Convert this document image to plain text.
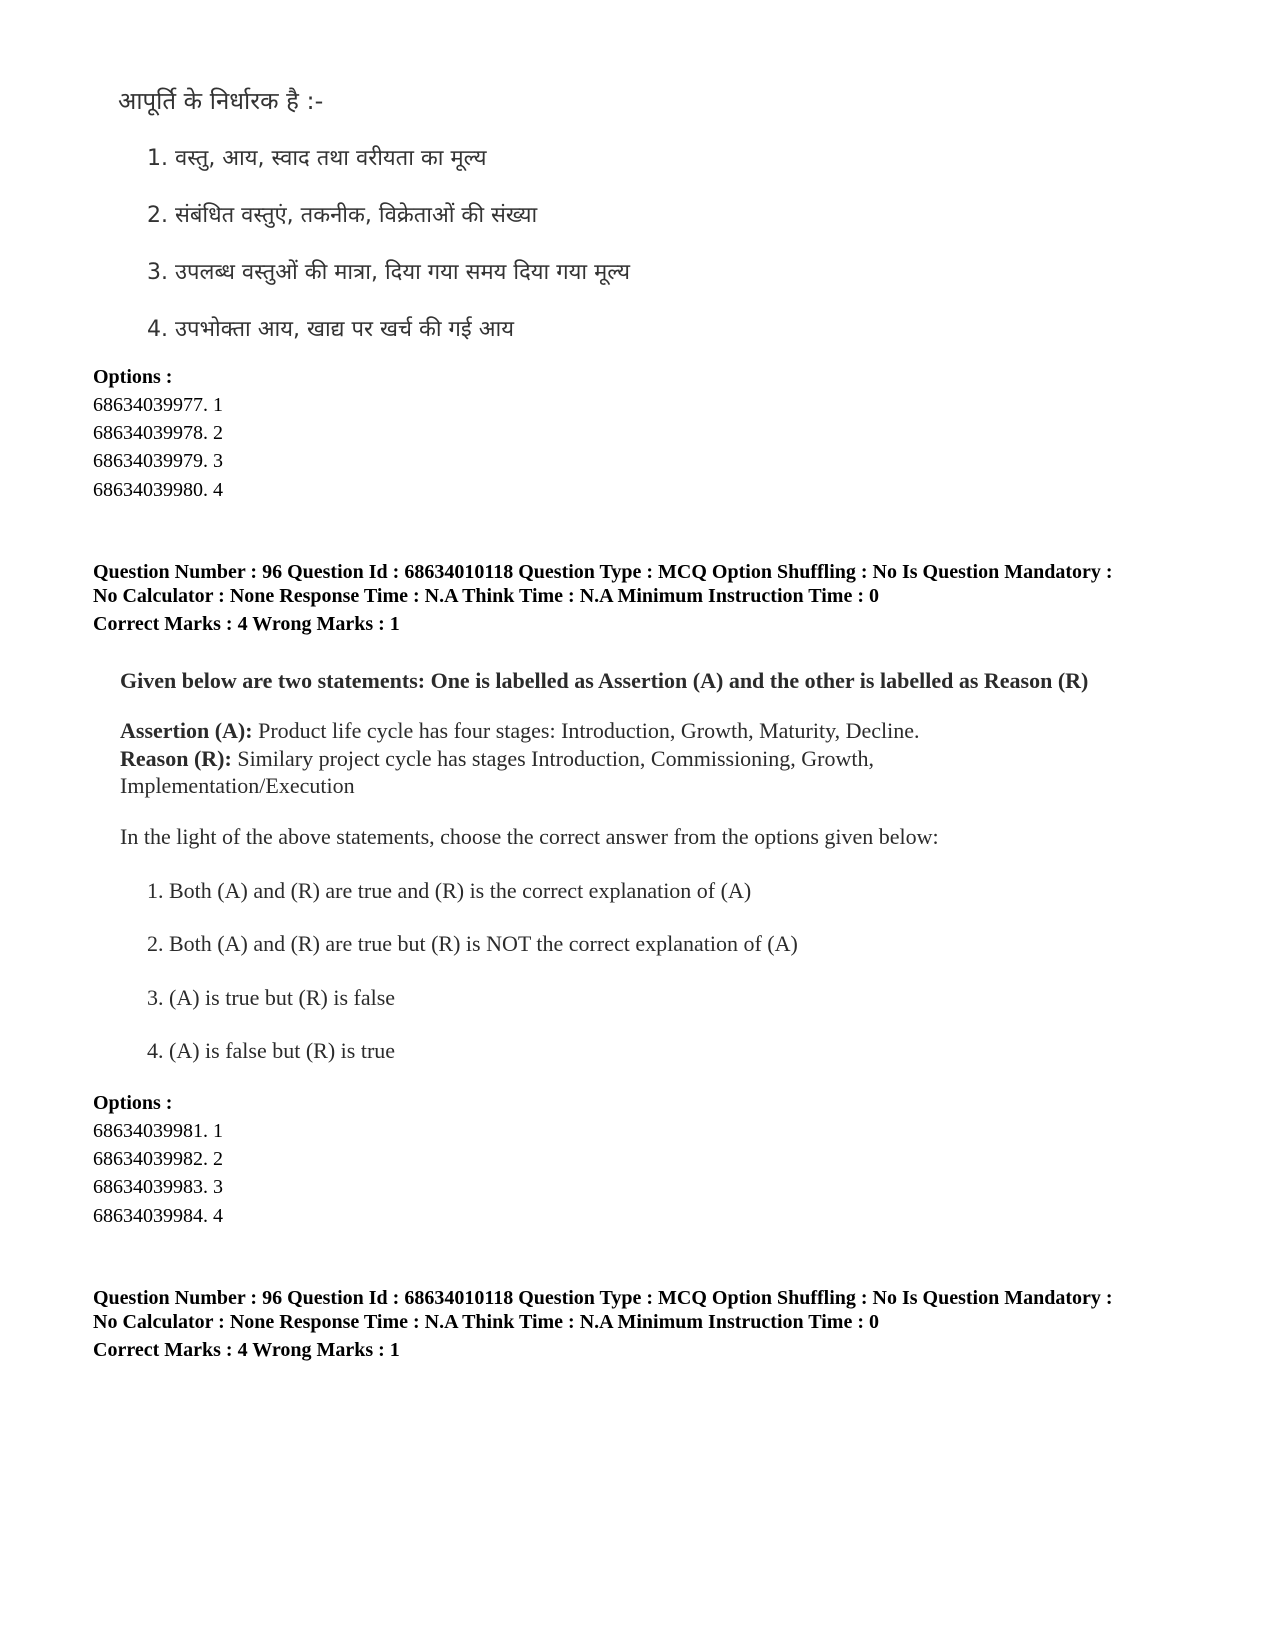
आपूर्ति के निर्धारक है :-
1. वस्तु, आय, स्वाद तथा वरीयता का मूल्य
2. संबंधित वस्तुएं, तकनीक, विक्रेताओं की संख्या
3. उपलब्ध वस्तुओं की मात्रा, दिया गया समय दिया गया मूल्य
4. उपभोक्ता आय, खाद्य पर खर्च की गई आय
Options :
68634039977. 1
68634039978. 2
68634039979. 3
68634039980. 4
Question Number : 96 Question Id : 68634010118 Question Type : MCQ Option Shuffling : No Is Question Mandatory :
No Calculator : None Response Time : N.A Think Time : N.A Minimum Instruction Time : 0
Correct Marks : 4 Wrong Marks : 1
Given below are two statements: One is labelled as Assertion (A) and the other is labelled as Reason (R)
Assertion (A): Product life cycle has four stages: Introduction, Growth, Maturity, Decline.
Reason (R): Similary project cycle has stages Introduction, Commissioning, Growth,
Implementation/Execution
In the light of the above statements, choose the correct answer from the options given below:
1. Both (A) and (R) are true and (R) is the correct explanation of (A)
2. Both (A) and (R) are true but (R) is NOT the correct explanation of (A)
3. (A) is true but (R) is false
4. (A) is false but (R) is true
Options :
68634039981. 1
68634039982. 2
68634039983. 3
68634039984. 4
Question Number : 96 Question Id : 68634010118 Question Type : MCQ Option Shuffling : No Is Question Mandatory :
No Calculator : None Response Time : N.A Think Time : N.A Minimum Instruction Time : 0
Correct Marks : 4 Wrong Marks : 1
